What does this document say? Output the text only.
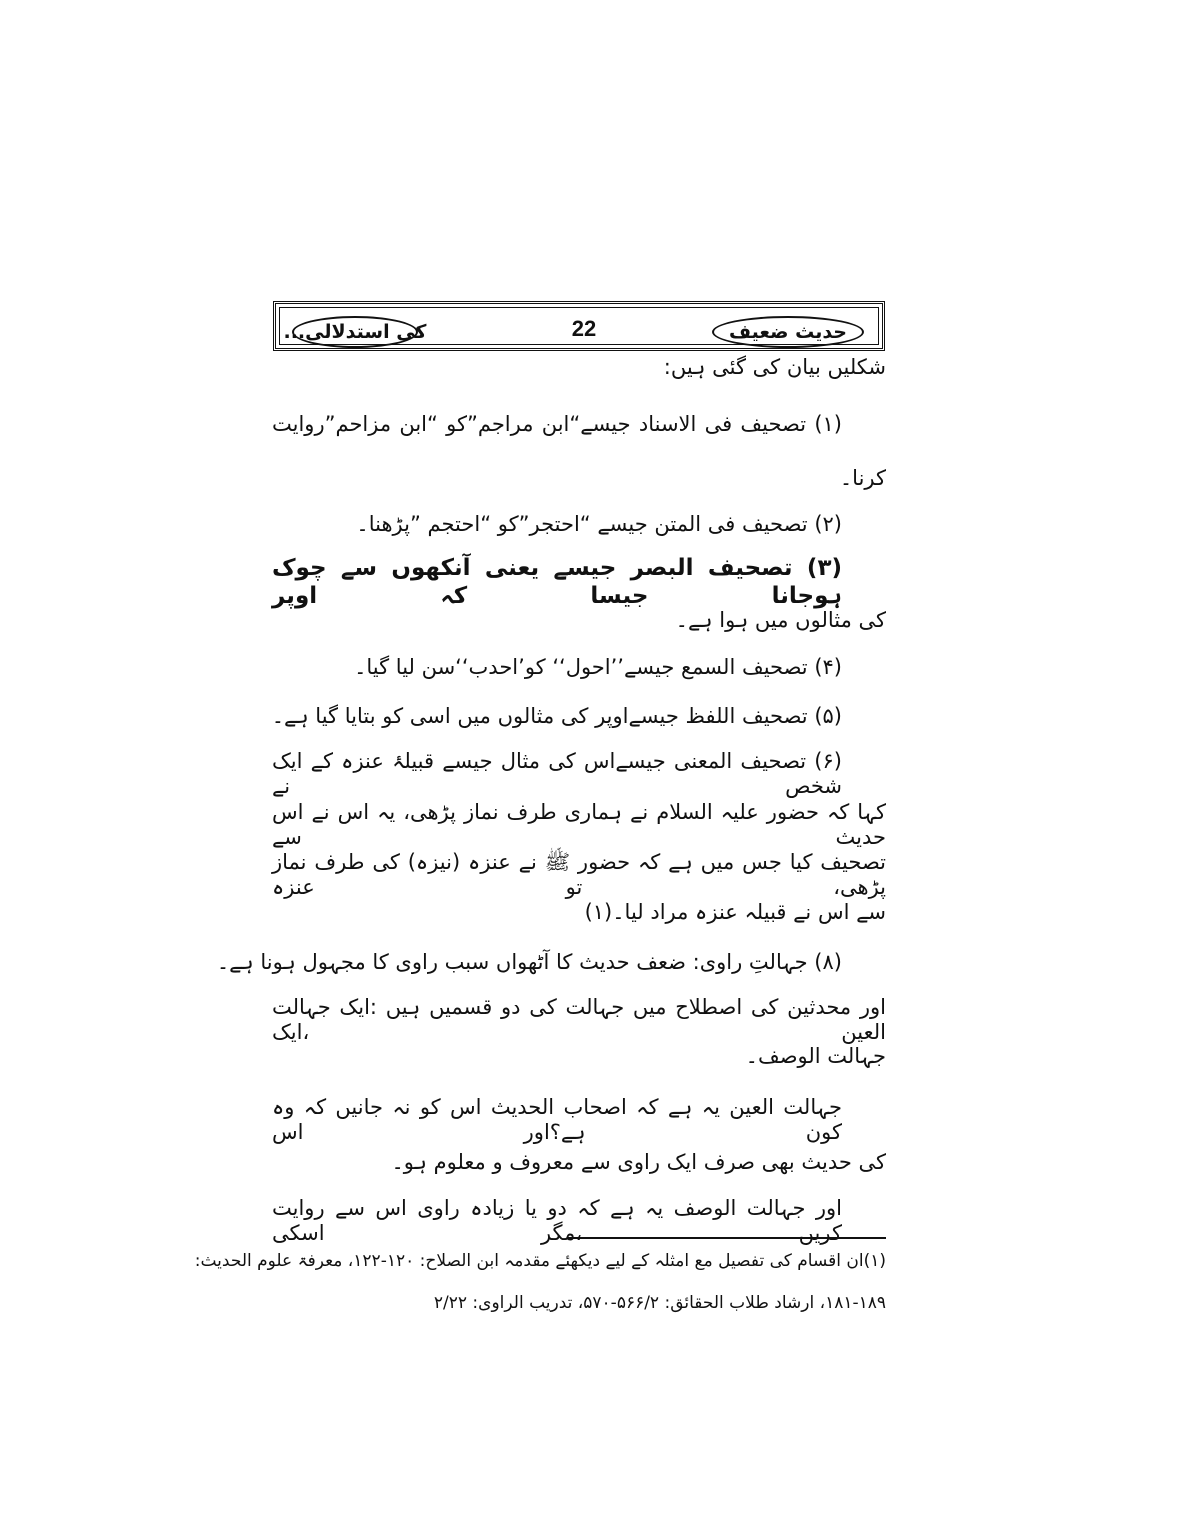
حدیث ضعیف
22
کی استدلالی...
شکلیں بیان کی گئی ہیں:
(۱) تصحیف فی الاسناد جیسے“ابن مراجم”کو “ابن مزاحم”روایت
کرنا۔
(۲) تصحیف فی المتن جیسے “احتجر”کو “احتجم ”پڑھنا۔
(۳) تصحیف البصر جیسے یعنی آنکھوں سے چوک ہوجانا جیسا کہ اوپر
کی مثالوں میں ہوا ہے۔
(۴) تصحیف السمع جیسے’’احول‘‘ کو’احدب‘‘سن لیا گیا۔
(۵) تصحیف اللفظ جیسےاوپر کی مثالوں میں اسی کو بتایا گیا ہے۔
(۶) تصحیف المعنی جیسےاس کی مثال جیسے قبیلۂ عنزہ کے ایک شخص نے
کہا کہ حضور علیہ السلام نے ہماری طرف نماز پڑھی، یہ اس نے اس حدیث سے
تصحیف کیا جس میں ہے کہ حضور ﷺ نے عنزہ (نیزہ) کی طرف نماز پڑھی، تو عنزہ
سے اس نے قبیلہ عنزہ مراد لیا۔(۱)
(۸) جہالتِ راوی: ضعف حدیث کا آٹھواں سبب راوی کا مجہول ہونا ہے۔
اور محدثین کی اصطلاح میں جہالت کی دو قسمیں ہیں :ایک جہالت العین ،ایک
جہالت الوصف۔
جہالت العین یہ ہے کہ اصحاب الحدیث اس کو نہ جانیں کہ وہ کون ہے؟اور اس
کی حدیث بھی صرف ایک راوی سے معروف و معلوم ہو۔
اور جہالت الوصف یہ ہے کہ دو یا زیادہ راوی اس سے روایت کریں ،مگر اسکی
(۱)ان اقسام کی تفصیل مع امثلہ کے لیے دیکھئے مقدمہ ابن الصلاح: ۱۲۰-۱۲۲، معرفۃ علوم الحدیث:
۱۸۱-۱۸۹، ارشاد طلاب الحقائق: ۵۶۶/۲-۵۷۰، تدریب الراوی: ۲/۲۲
